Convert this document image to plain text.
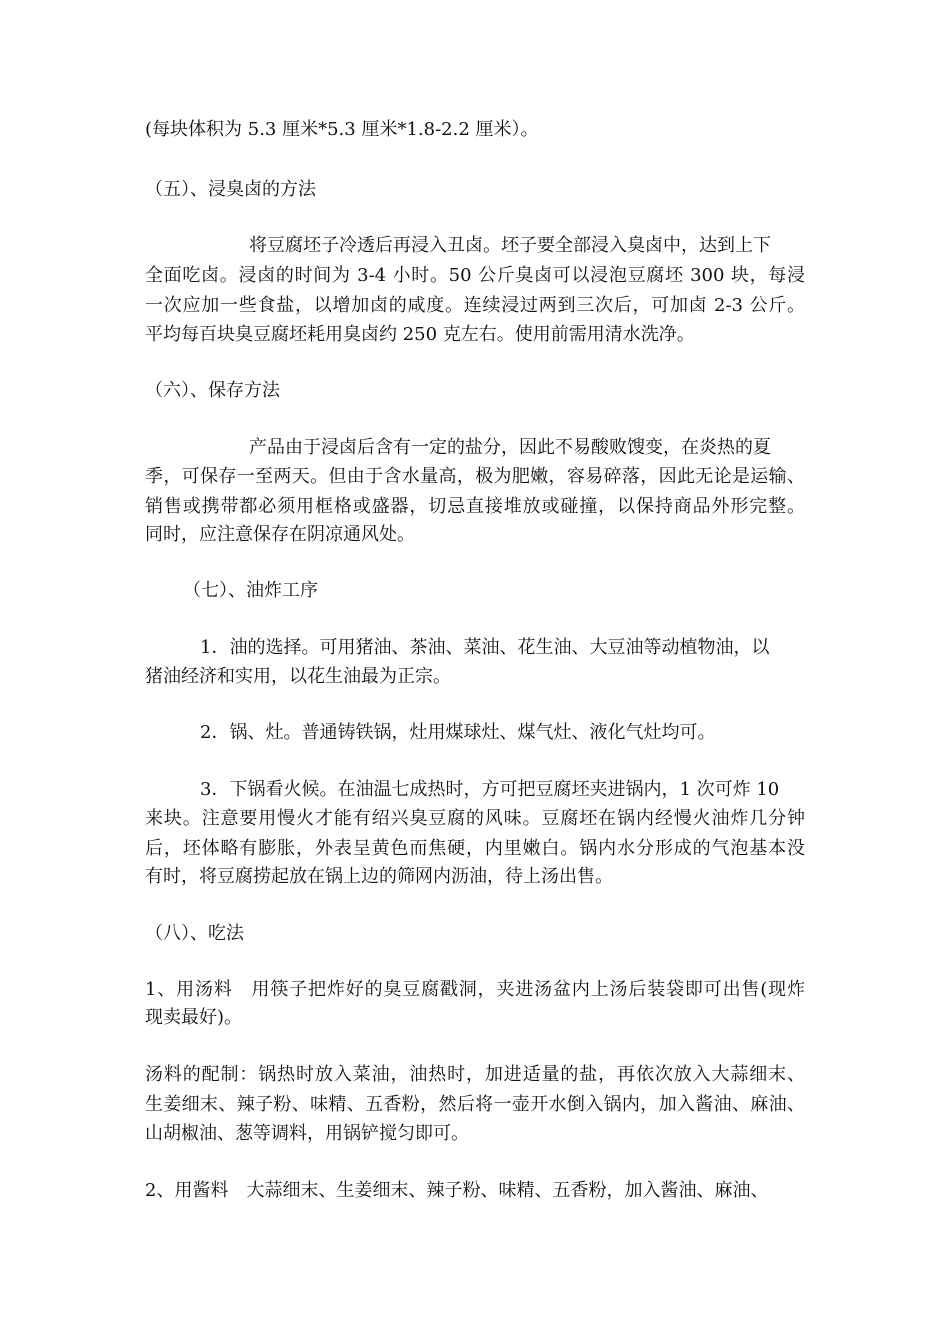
(每块体积为 5.3 厘米*5.3 厘米*1.8-2.2 厘米）。
（五）、浸臭卤的方法
将豆腐坯子冷透后再浸入丑卤。坯子要全部浸入臭卤中，达到上下
全面吃卤。浸卤的时间为 3-4 小时。50 公斤臭卤可以浸泡豆腐坯 300 块，每浸
一次应加一些食盐，以增加卤的咸度。连续浸过两到三次后，可加卤 2-3 公斤。
平均每百块臭豆腐坯耗用臭卤约 250 克左右。使用前需用清水洗净。
（六）、保存方法
产品由于浸卤后含有一定的盐分，因此不易酸败馊变，在炎热的夏
季，可保存一至两天。但由于含水量高，极为肥嫩，容易碎落，因此无论是运输、
销售或携带都必须用框格或盛器，切忌直接堆放或碰撞，以保持商品外形完整。
同时，应注意保存在阴凉通风处。
（七）、油炸工序
1．油的选择。可用猪油、茶油、菜油、花生油、大豆油等动植物油，以
猪油经济和实用，以花生油最为正宗。
2．锅、灶。普通铸铁锅，灶用煤球灶、煤气灶、液化气灶均可。
3．下锅看火候。在油温七成热时，方可把豆腐坯夹进锅内，1 次可炸 10
来块。注意要用慢火才能有绍兴臭豆腐的风味。豆腐坯在锅内经慢火油炸几分钟
后，坯体略有膨胀，外表呈黄色而焦硬，内里嫩白。锅内水分形成的气泡基本没
有时，将豆腐捞起放在锅上边的筛网内沥油，待上汤出售。
（八）、吃法
1、用汤料　用筷子把炸好的臭豆腐戳洞，夹进汤盆内上汤后装袋即可出售(现炸
现卖最好)。
汤料的配制：锅热时放入菜油，油热时，加进适量的盐，再依次放入大蒜细末、
生姜细末、辣子粉、味精、五香粉，然后将一壶开水倒入锅内，加入酱油、麻油、
山胡椒油、葱等调料，用锅铲搅匀即可。
2、用酱料　大蒜细末、生姜细末、辣子粉、味精、五香粉，加入酱油、麻油、
